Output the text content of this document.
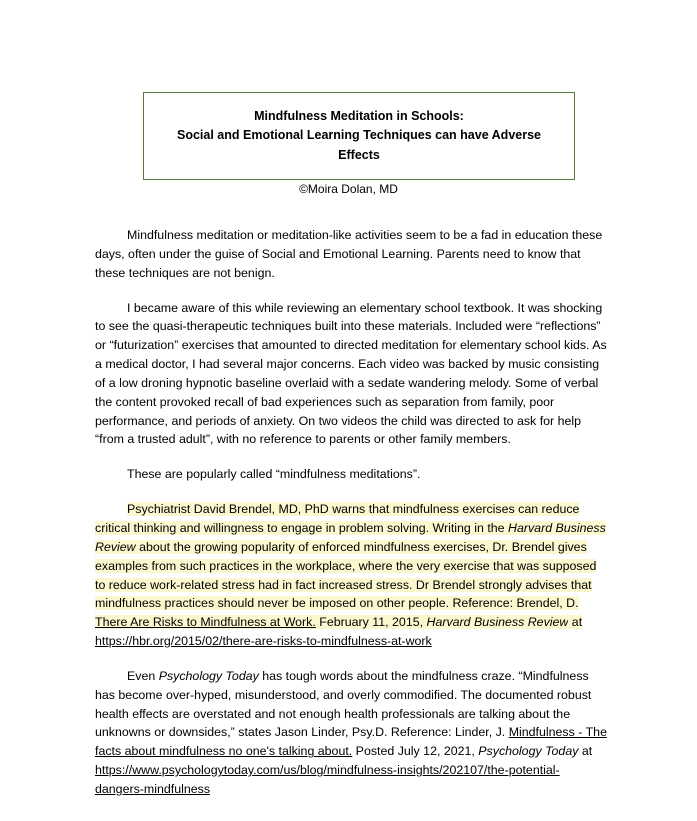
Mindfulness Meditation in Schools:
Social and Emotional Learning Techniques can have Adverse Effects
©Moira Dolan, MD

Mindfulness meditation or meditation-like activities seem to be a fad in education these days, often under the guise of Social and Emotional Learning. Parents need to know that these techniques are not benign.

I became aware of this while reviewing an elementary school textbook. It was shocking to see the quasi-therapeutic techniques built into these materials. Included were “reflections” or “futurization” exercises that amounted to directed meditation for elementary school kids. As a medical doctor, I had several major concerns. Each video was backed by music consisting of a low droning hypnotic baseline overlaid with a sedate wandering melody. Some of verbal the content provoked recall of bad experiences such as separation from family, poor performance, and periods of anxiety. On two videos the child was directed to ask for help “from a trusted adult”, with no reference to parents or other family members.

These are popularly called “mindfulness meditations”.

Psychiatrist David Brendel, MD, PhD warns that mindfulness exercises can reduce critical thinking and willingness to engage in problem solving. Writing in the Harvard Business Review about the growing popularity of enforced mindfulness exercises, Dr. Brendel gives examples from such practices in the workplace, where the very exercise that was supposed to reduce work-related stress had in fact increased stress. Dr Brendel strongly advises that mindfulness practices should never be imposed on other people. Reference: Brendel, D. There Are Risks to Mindfulness at Work. February 11, 2015, Harvard Business Review at https://hbr.org/2015/02/there-are-risks-to-mindfulness-at-work

Even Psychology Today has tough words about the mindfulness craze. “Mindfulness has become over-hyped, misunderstood, and overly commodified. The documented robust health effects are overstated and not enough health professionals are talking about the unknowns or downsides,” states Jason Linder, Psy.D. Reference: Linder, J. Mindfulness - The facts about mindfulness no one's talking about. Posted July 12, 2021, Psychology Today at https://www.psychologytoday.com/us/blog/mindfulness-insights/202107/the-potential-dangers-mindfulness
